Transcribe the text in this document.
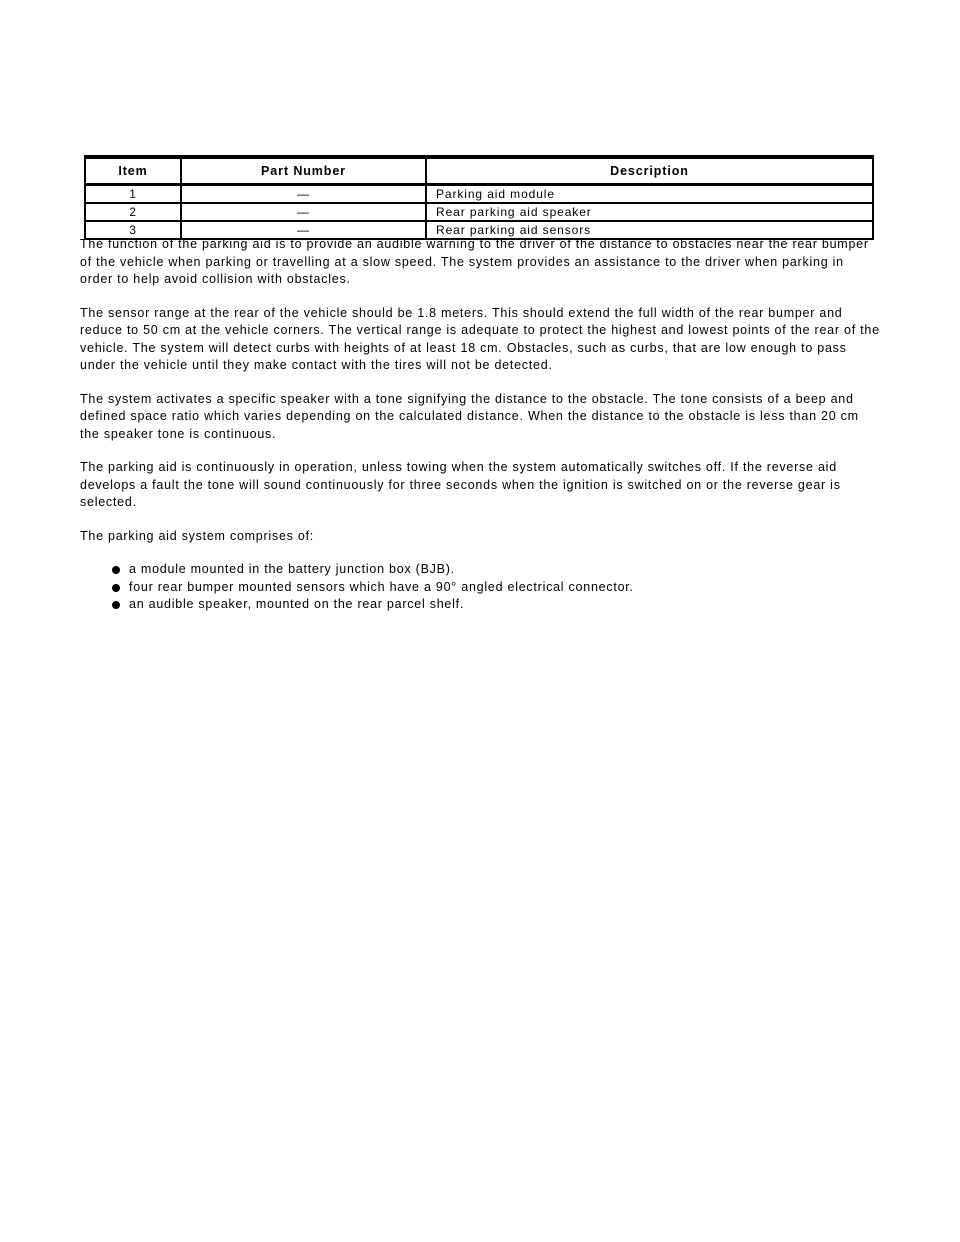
Item	Part Number	Description
1	—	Parking aid module
2	—	Rear parking aid speaker
3	—	Rear parking aid sensors

The function of the parking aid is to provide an audible warning to the driver of the distance to obstacles near the rear bumper of the vehicle when parking or travelling at a slow speed. The system provides an assistance to the driver when parking in order to help avoid collision with obstacles.

The sensor range at the rear of the vehicle should be 1.8 meters. This should extend the full width of the rear bumper and reduce to 50 cm at the vehicle corners. The vertical range is adequate to protect the highest and lowest points of the rear of the vehicle. The system will detect curbs with heights of at least 18 cm. Obstacles, such as curbs, that are low enough to pass under the vehicle until they make contact with the tires will not be detected.

The system activates a specific speaker with a tone signifying the distance to the obstacle. The tone consists of a beep and defined space ratio which varies depending on the calculated distance. When the distance to the obstacle is less than 20 cm the speaker tone is continuous.

The parking aid is continuously in operation, unless towing when the system automatically switches off. If the reverse aid develops a fault the tone will sound continuously for three seconds when the ignition is switched on or the reverse gear is selected.

The parking aid system comprises of:

a module mounted in the battery junction box (BJB).
four rear bumper mounted sensors which have a 90° angled electrical connector.
an audible speaker, mounted on the rear parcel shelf.
